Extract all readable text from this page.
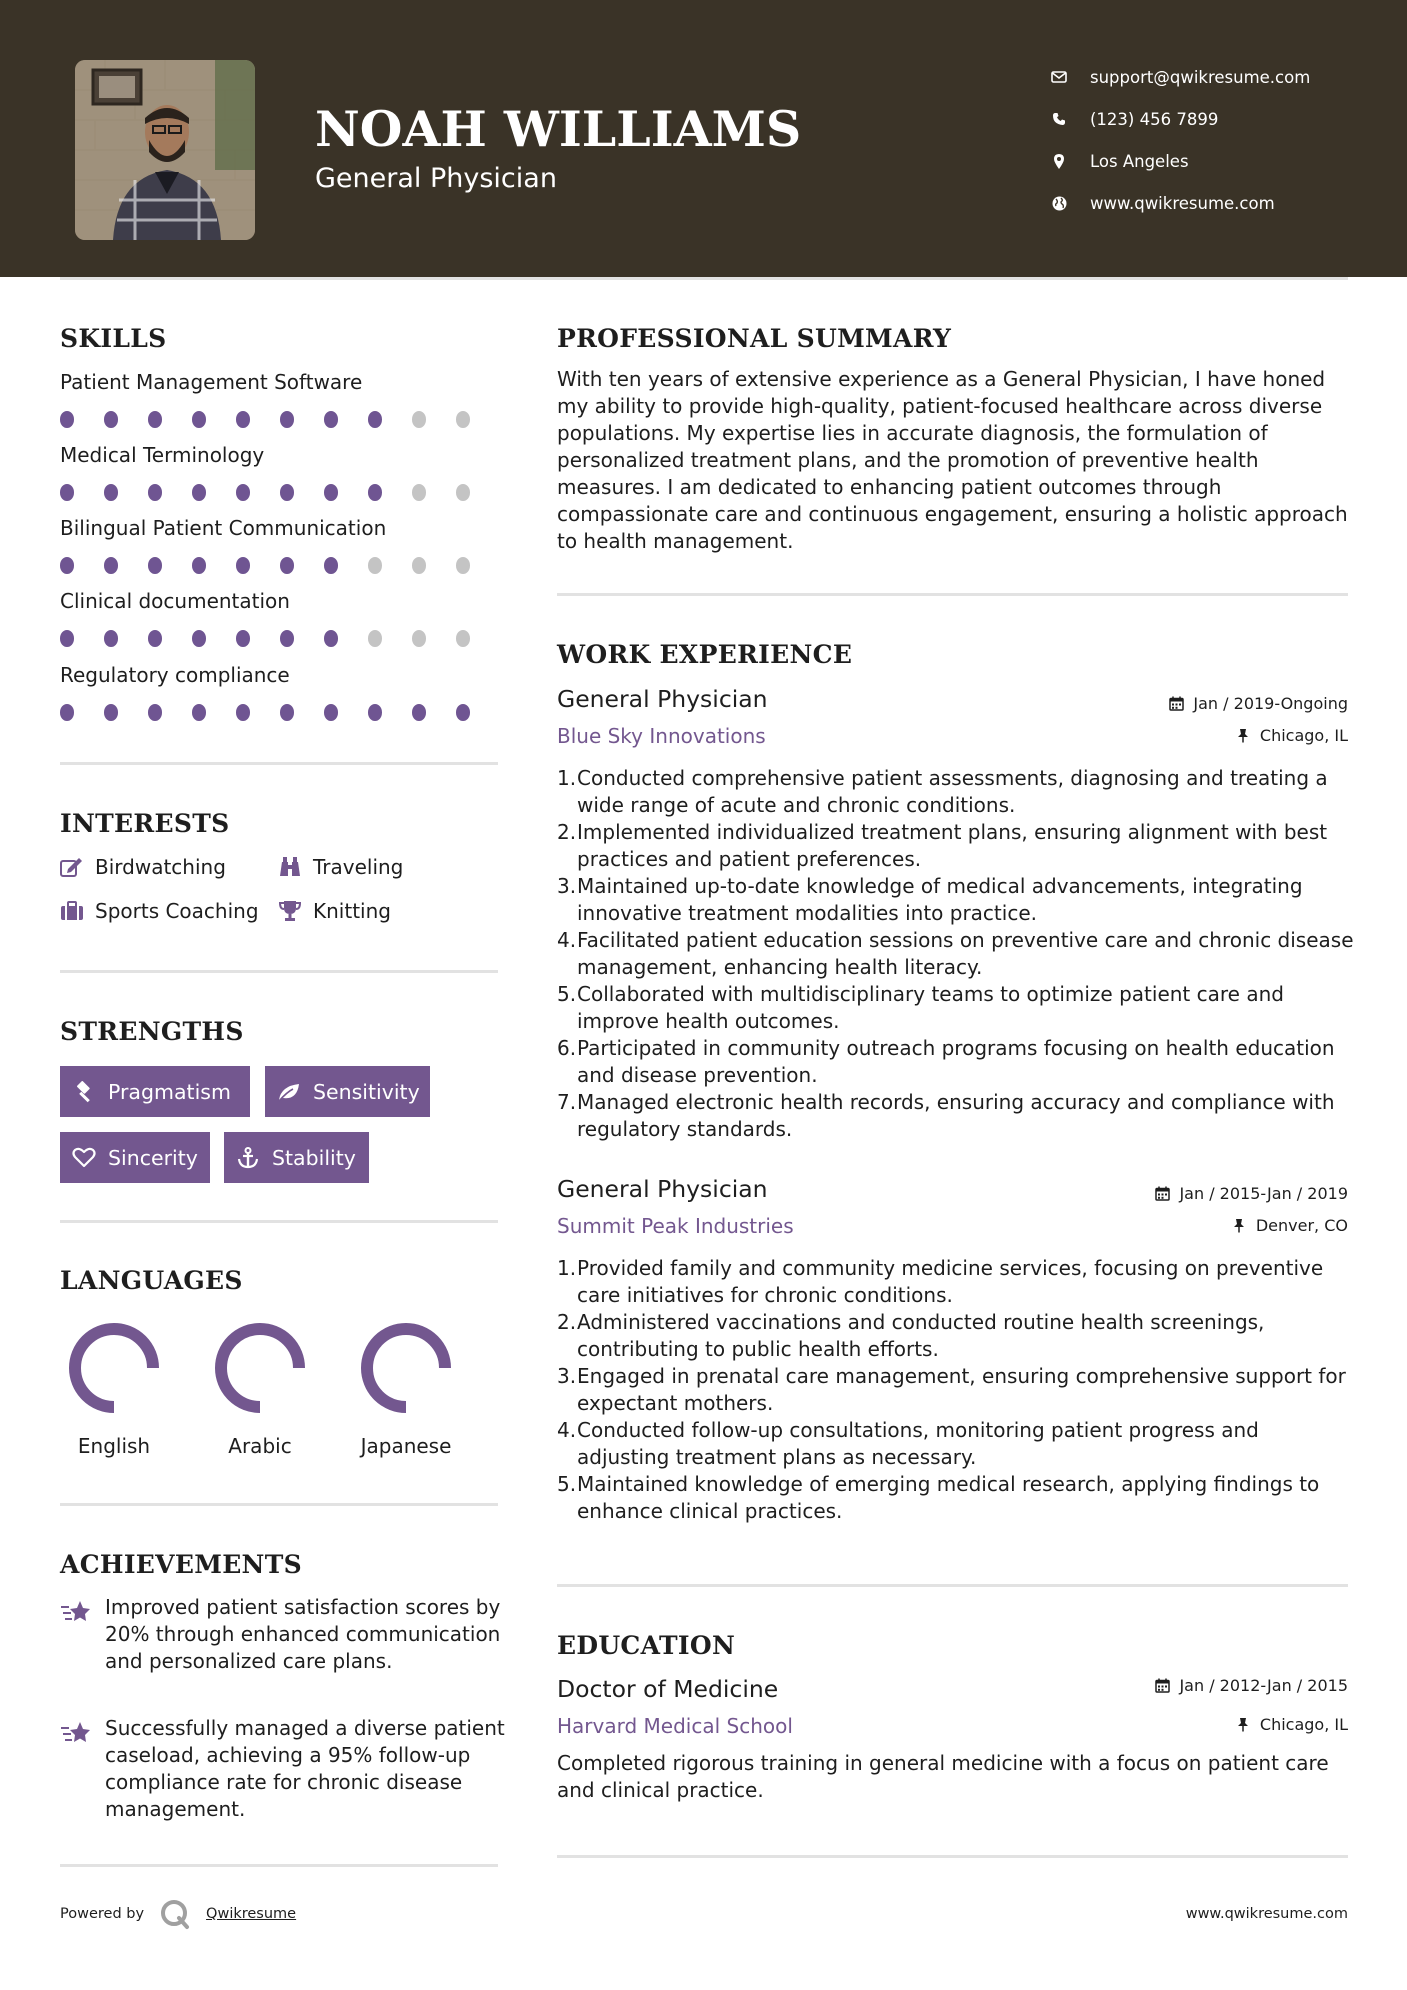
NOAH WILLIAMS
General Physician
support@qwikresume.com
(123) 456 7899
Los Angeles
www.qwikresume.com
SKILLS
Patient Management Software
Medical Terminology
Bilingual Patient Communication
Clinical documentation
Regulatory compliance
INTERESTS
Birdwatching	Traveling
Sports Coaching	Knitting
STRENGTHS
Pragmatism	Sensitivity
Sincerity	Stability
LANGUAGES
English	Arabic	Japanese
ACHIEVEMENTS
Improved patient satisfaction scores by 20% through enhanced communication and personalized care plans.
Successfully managed a diverse patient caseload, achieving a 95% follow-up compliance rate for chronic disease management.
PROFESSIONAL SUMMARY
With ten years of extensive experience as a General Physician, I have honed my ability to provide high-quality, patient-focused healthcare across diverse populations. My expertise lies in accurate diagnosis, the formulation of personalized treatment plans, and the promotion of preventive health measures. I am dedicated to enhancing patient outcomes through compassionate care and continuous engagement, ensuring a holistic approach to health management.
WORK EXPERIENCE
General Physician
Blue Sky Innovations
Jan / 2019-Ongoing
Chicago, IL
1. Conducted comprehensive patient assessments, diagnosing and treating a wide range of acute and chronic conditions.
2. Implemented individualized treatment plans, ensuring alignment with best practices and patient preferences.
3. Maintained up-to-date knowledge of medical advancements, integrating innovative treatment modalities into practice.
4. Facilitated patient education sessions on preventive care and chronic disease management, enhancing health literacy.
5. Collaborated with multidisciplinary teams to optimize patient care and improve health outcomes.
6. Participated in community outreach programs focusing on health education and disease prevention.
7. Managed electronic health records, ensuring accuracy and compliance with regulatory standards.
General Physician
Summit Peak Industries
Jan / 2015-Jan / 2019
Denver, CO
1. Provided family and community medicine services, focusing on preventive care initiatives for chronic conditions.
2. Administered vaccinations and conducted routine health screenings, contributing to public health efforts.
3. Engaged in prenatal care management, ensuring comprehensive support for expectant mothers.
4. Conducted follow-up consultations, monitoring patient progress and adjusting treatment plans as necessary.
5. Maintained knowledge of emerging medical research, applying findings to enhance clinical practices.
EDUCATION
Doctor of Medicine
Harvard Medical School
Jan / 2012-Jan / 2015
Chicago, IL
Completed rigorous training in general medicine with a focus on patient care and clinical practice.
Powered by	Qwikresume	www.qwikresume.com
